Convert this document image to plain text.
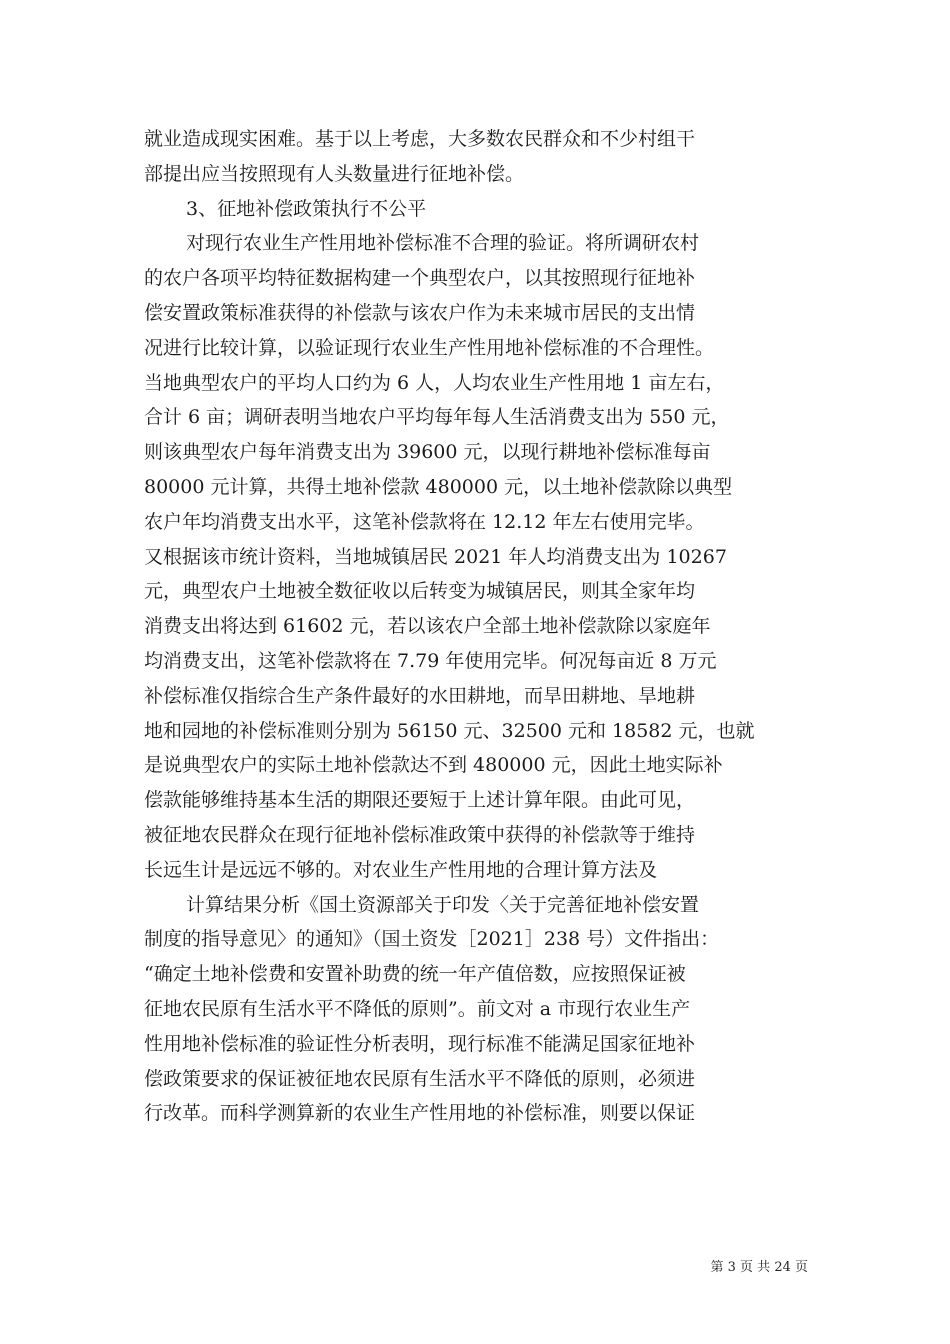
就业造成现实困难。基于以上考虑，大多数农民群众和不少村组干
部提出应当按照现有人头数量进行征地补偿。
3、征地补偿政策执行不公平
对现行农业生产性用地补偿标准不合理的验证。将所调研农村
的农户各项平均特征数据构建一个典型农户，以其按照现行征地补
偿安置政策标准获得的补偿款与该农户作为未来城市居民的支出情
况进行比较计算，以验证现行农业生产性用地补偿标准的不合理性。
当地典型农户的平均人口约为 6 人，人均农业生产性用地 1 亩左右，
合计 6 亩；调研表明当地农户平均每年每人生活消费支出为 550 元，
则该典型农户每年消费支出为 39600 元，以现行耕地补偿标准每亩
80000 元计算，共得土地补偿款 480000 元，以土地补偿款除以典型
农户年均消费支出水平，这笔补偿款将在 12.12 年左右使用完毕。
又根据该市统计资料，当地城镇居民 2021 年人均消费支出为 10267
元，典型农户土地被全数征收以后转变为城镇居民，则其全家年均
消费支出将达到 61602 元，若以该农户全部土地补偿款除以家庭年
均消费支出，这笔补偿款将在 7.79 年使用完毕。何况每亩近 8 万元
补偿标准仅指综合生产条件最好的水田耕地，而旱田耕地、旱地耕
地和园地的补偿标准则分别为 56150 元、32500 元和 18582 元，也就
是说典型农户的实际土地补偿款达不到 480000 元，因此土地实际补
偿款能够维持基本生活的期限还要短于上述计算年限。由此可见，
被征地农民群众在现行征地补偿标准政策中获得的补偿款等于维持
长远生计是远远不够的。对农业生产性用地的合理计算方法及
计算结果分析《国土资源部关于印发〈关于完善征地补偿安置
制度的指导意见〉的通知》（国土资发［2021］238 号）文件指出：
“确定土地补偿费和安置补助费的统一年产值倍数，应按照保证被
征地农民原有生活水平不降低的原则”。前文对 a 市现行农业生产
性用地补偿标准的验证性分析表明，现行标准不能满足国家征地补
偿政策要求的保证被征地农民原有生活水平不降低的原则，必须进
行改革。而科学测算新的农业生产性用地的补偿标准，则要以保证
第 3 页 共 24 页
